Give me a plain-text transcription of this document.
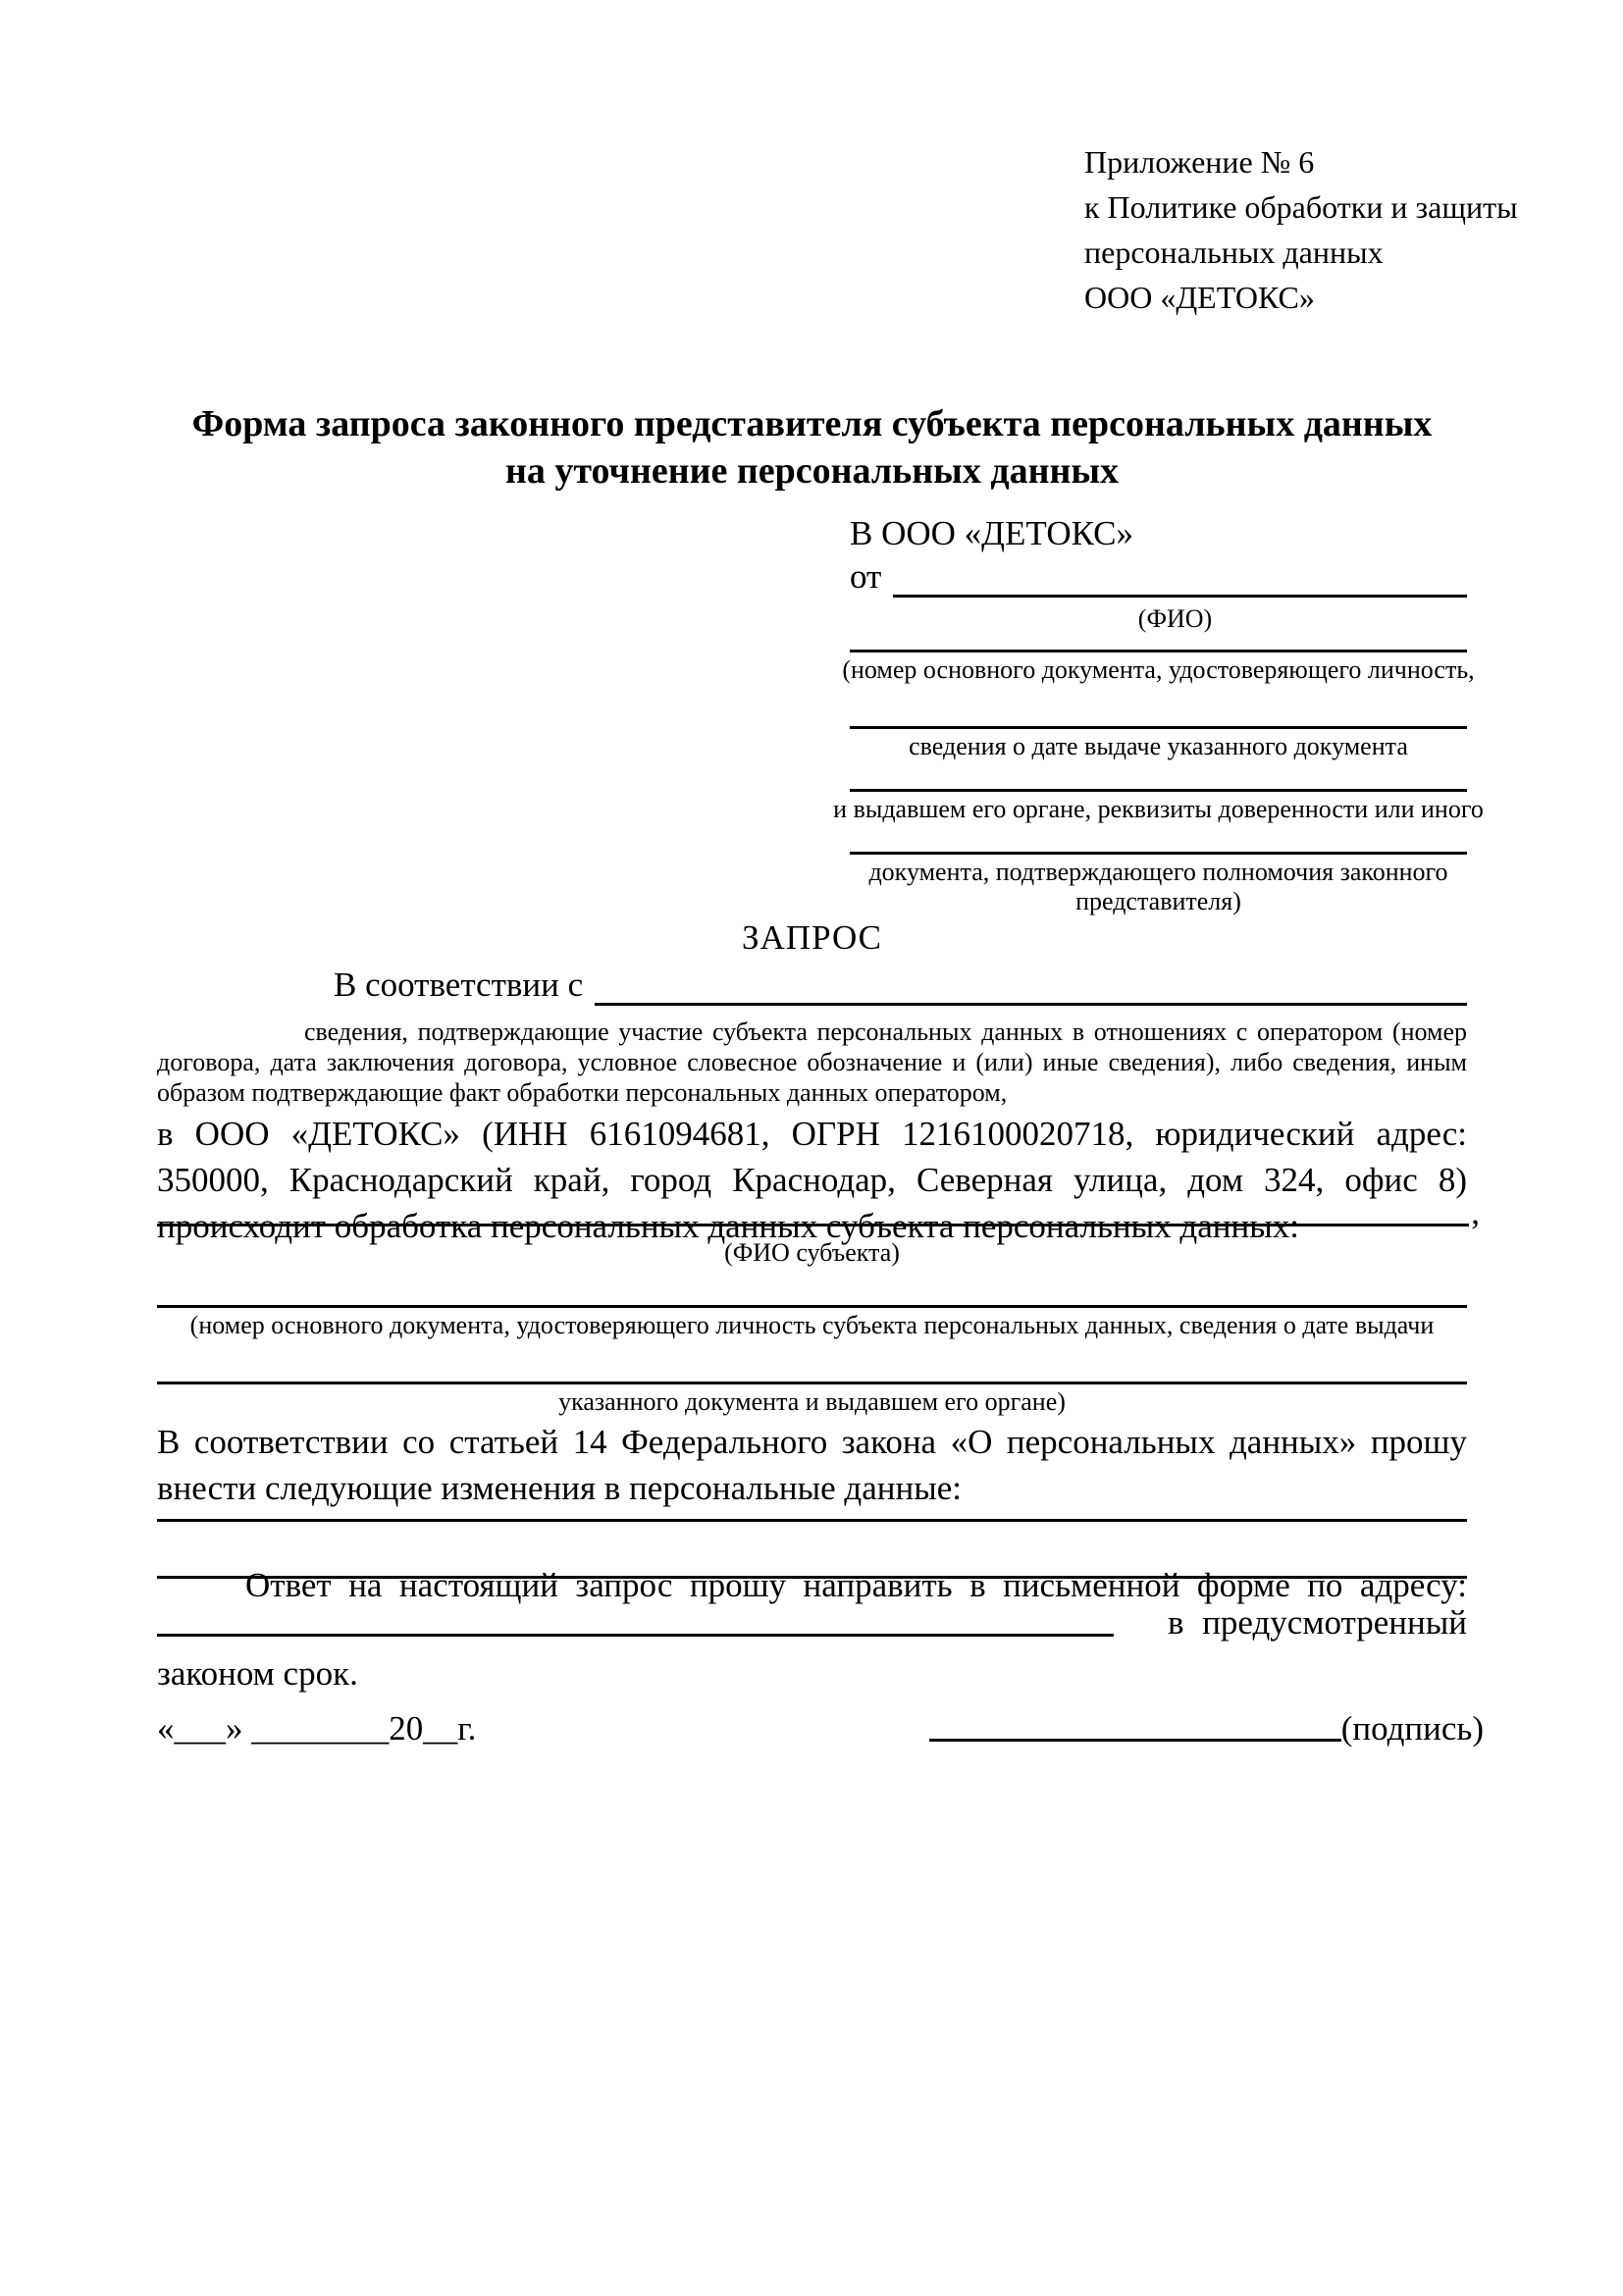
Приложение № 6
к Политике обработки и защиты
персональных данных
ООО «ДЕТОКС»
Форма запроса законного представителя субъекта персональных данных
на уточнение персональных данных
В ООО «ДЕТОКС»
от
(ФИО)
(номер основного документа, удостоверяющего личность,
сведения о дате выдаче указанного документа
и выдавшем его органе, реквизиты доверенности или иного
документа, подтверждающего полномочия законного представителя)
ЗАПРОС
В соответствии с
сведения, подтверждающие участие субъекта персональных данных в отношениях с оператором (номер договора, дата заключения договора, условное словесное обозначение и (или) иные сведения), либо сведения, иным образом подтверждающие факт обработки персональных данных оператором,
в ООО «ДЕТОКС» (ИНН 6161094681, ОГРН 1216100020718, юридический адрес: 350000, Краснодарский край, город Краснодар, Северная улица, дом 324, офис 8) происходит обработка персональных данных субъекта персональных данных:	,
(ФИО субъекта)
(номер основного документа, удостоверяющего личность субъекта персональных данных, сведения о дате выдачи
указанного документа и выдавшем его органе)
В соответствии со статьей 14 Федерального закона «О персональных данных» прошу внести следующие изменения в персональные данные:
Ответ на настоящий запрос прошу направить в письменной форме по адресу:
в предусмотренный
законом срок.
«___» ________20__г.	(подпись)
